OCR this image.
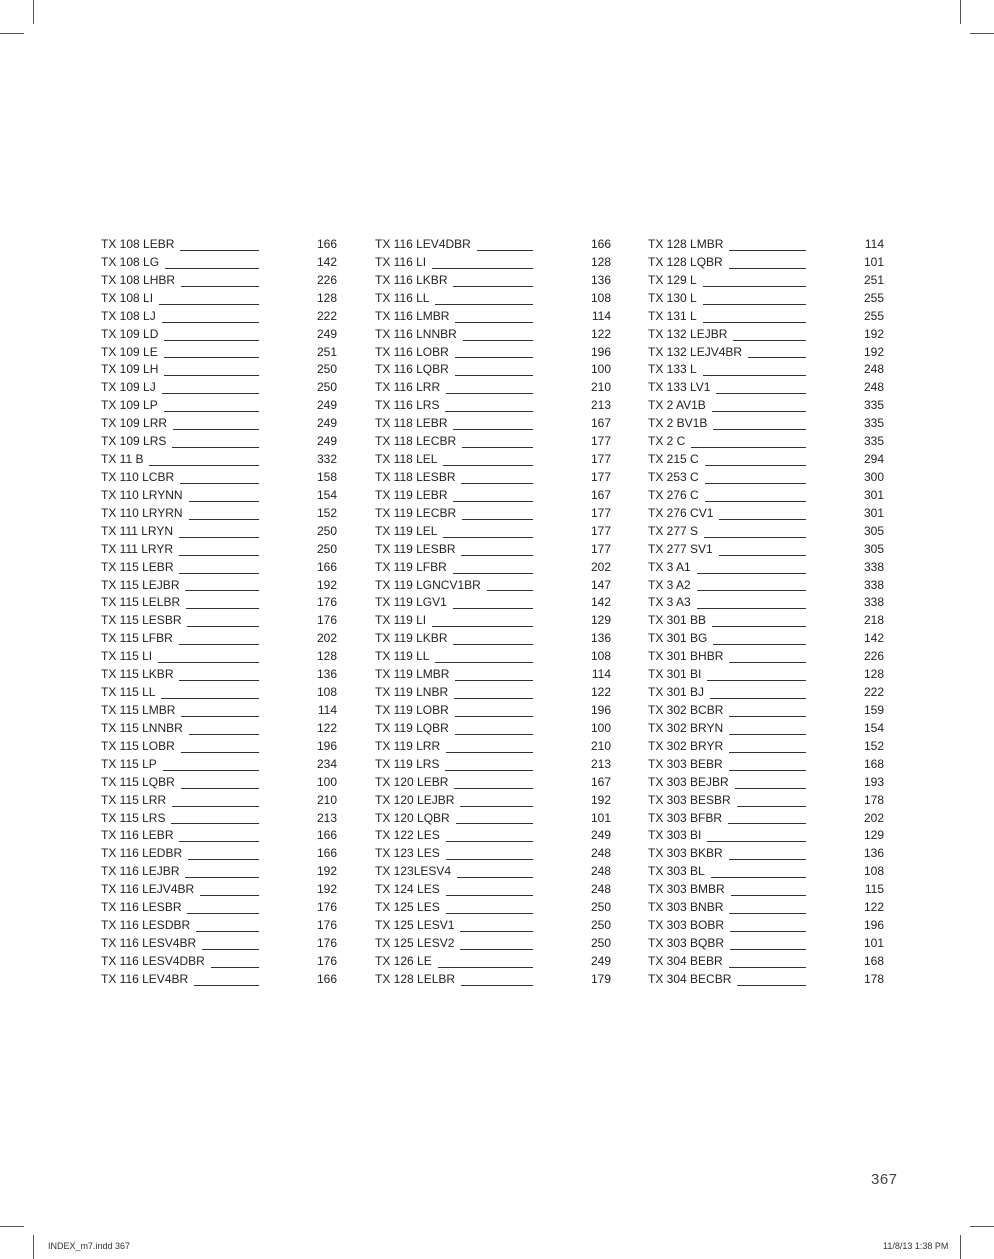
TX 108 LEBR	166
TX 108 LG	142
TX 108 LHBR	226
TX 108 LI	128
TX 108 LJ	222
TX 109 LD	249
TX 109 LE	251
TX 109 LH	250
TX 109 LJ	250
TX 109 LP	249
TX 109 LRR	249
TX 109 LRS	249
TX 11 B	332
TX 110 LCBR	158
TX 110 LRYNN	154
TX 110 LRYRN	152
TX 111 LRYN	250
TX 111 LRYR	250
TX 115 LEBR	166
TX 115 LEJBR	192
TX 115 LELBR	176
TX 115 LESBR	176
TX 115 LFBR	202
TX 115 LI	128
TX 115 LKBR	136
TX 115 LL	108
TX 115 LMBR	114
TX 115 LNNBR	122
TX 115 LOBR	196
TX 115 LP	234
TX 115 LQBR	100
TX 115 LRR	210
TX 115 LRS	213
TX 116 LEBR	166
TX 116 LEDBR	166
TX 116 LEJBR	192
TX 116 LEJV4BR	192
TX 116 LESBR	176
TX 116 LESDBR	176
TX 116 LESV4BR	176
TX 116 LESV4DBR	176
TX 116 LEV4BR	166
TX 116 LEV4DBR	166
TX 116 LI	128
TX 116 LKBR	136
TX 116 LL	108
TX 116 LMBR	114
TX 116 LNNBR	122
TX 116 LOBR	196
TX 116 LQBR	100
TX 116 LRR	210
TX 116 LRS	213
TX 118 LEBR	167
TX 118 LECBR	177
TX 118 LEL	177
TX 118 LESBR	177
TX 119 LEBR	167
TX 119 LECBR	177
TX 119 LEL	177
TX 119 LESBR	177
TX 119 LFBR	202
TX 119 LGNCV1BR	147
TX 119 LGV1	142
TX 119 LI	129
TX 119 LKBR	136
TX 119 LL	108
TX 119 LMBR	114
TX 119 LNBR	122
TX 119 LOBR	196
TX 119 LQBR	100
TX 119 LRR	210
TX 119 LRS	213
TX 120 LEBR	167
TX 120 LEJBR	192
TX 120 LQBR	101
TX 122 LES	249
TX 123 LES	248
TX 123LESV4	248
TX 124 LES	248
TX 125 LES	250
TX 125 LESV1	250
TX 125 LESV2	250
TX 126 LE	249
TX 128 LELBR	179
TX 128 LMBR	114
TX 128 LQBR	101
TX 129 L	251
TX 130 L	255
TX 131 L	255
TX 132 LEJBR	192
TX 132 LEJV4BR	192
TX 133 L	248
TX 133 LV1	248
TX 2 AV1B	335
TX 2 BV1B	335
TX 2 C	335
TX 215 C	294
TX 253 C	300
TX 276 C	301
TX 276 CV1	301
TX 277 S	305
TX 277 SV1	305
TX 3 A1	338
TX 3 A2	338
TX 3 A3	338
TX 301 BB	218
TX 301 BG	142
TX 301 BHBR	226
TX 301 BI	128
TX 301 BJ	222
TX 302 BCBR	159
TX 302 BRYN	154
TX 302 BRYR	152
TX 303 BEBR	168
TX 303 BEJBR	193
TX 303 BESBR	178
TX 303 BFBR	202
TX 303 BI	129
TX 303 BKBR	136
TX 303 BL	108
TX 303 BMBR	115
TX 303 BNBR	122
TX 303 BOBR	196
TX 303 BQBR	101
TX 304 BEBR	168
TX 304 BECBR	178
367
INDEX_m7.indd 367	11/8/13 1:38 PM
